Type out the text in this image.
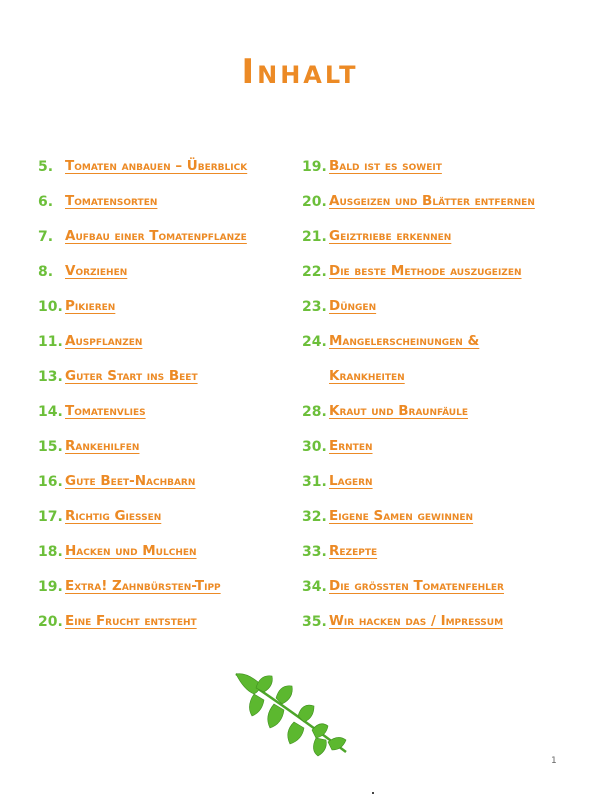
Inhalt
5. Tomaten anbauen – Überblick
6. Tomatensorten
7. Aufbau einer Tomatenpflanze
8. Vorziehen
10. Pikieren
11. Auspflanzen
13. Guter Start ins Beet
14. Tomatenvlies
15. Rankehilfen
16. Gute Beet-Nachbarn
17. Richtig Gießen
18. Hacken und Mulchen
19. Extra! Zahnbürsten-Tipp
20. Eine Frucht entsteht
19. Bald ist es soweit
20. Ausgeizen und Blätter entfernen
21. Geiztriebe erkennen
22. Die beste Methode auszugeizen
23. Düngen
24. Mangelerscheinungen & Krankheiten
28. Kraut und Braunfäule
30. Ernten
31. Lagern
32. Eigene Samen gewinnen
33. Rezepte
34. Die größten Tomatenfehler
35. Wir hacken das / Impressum
1
